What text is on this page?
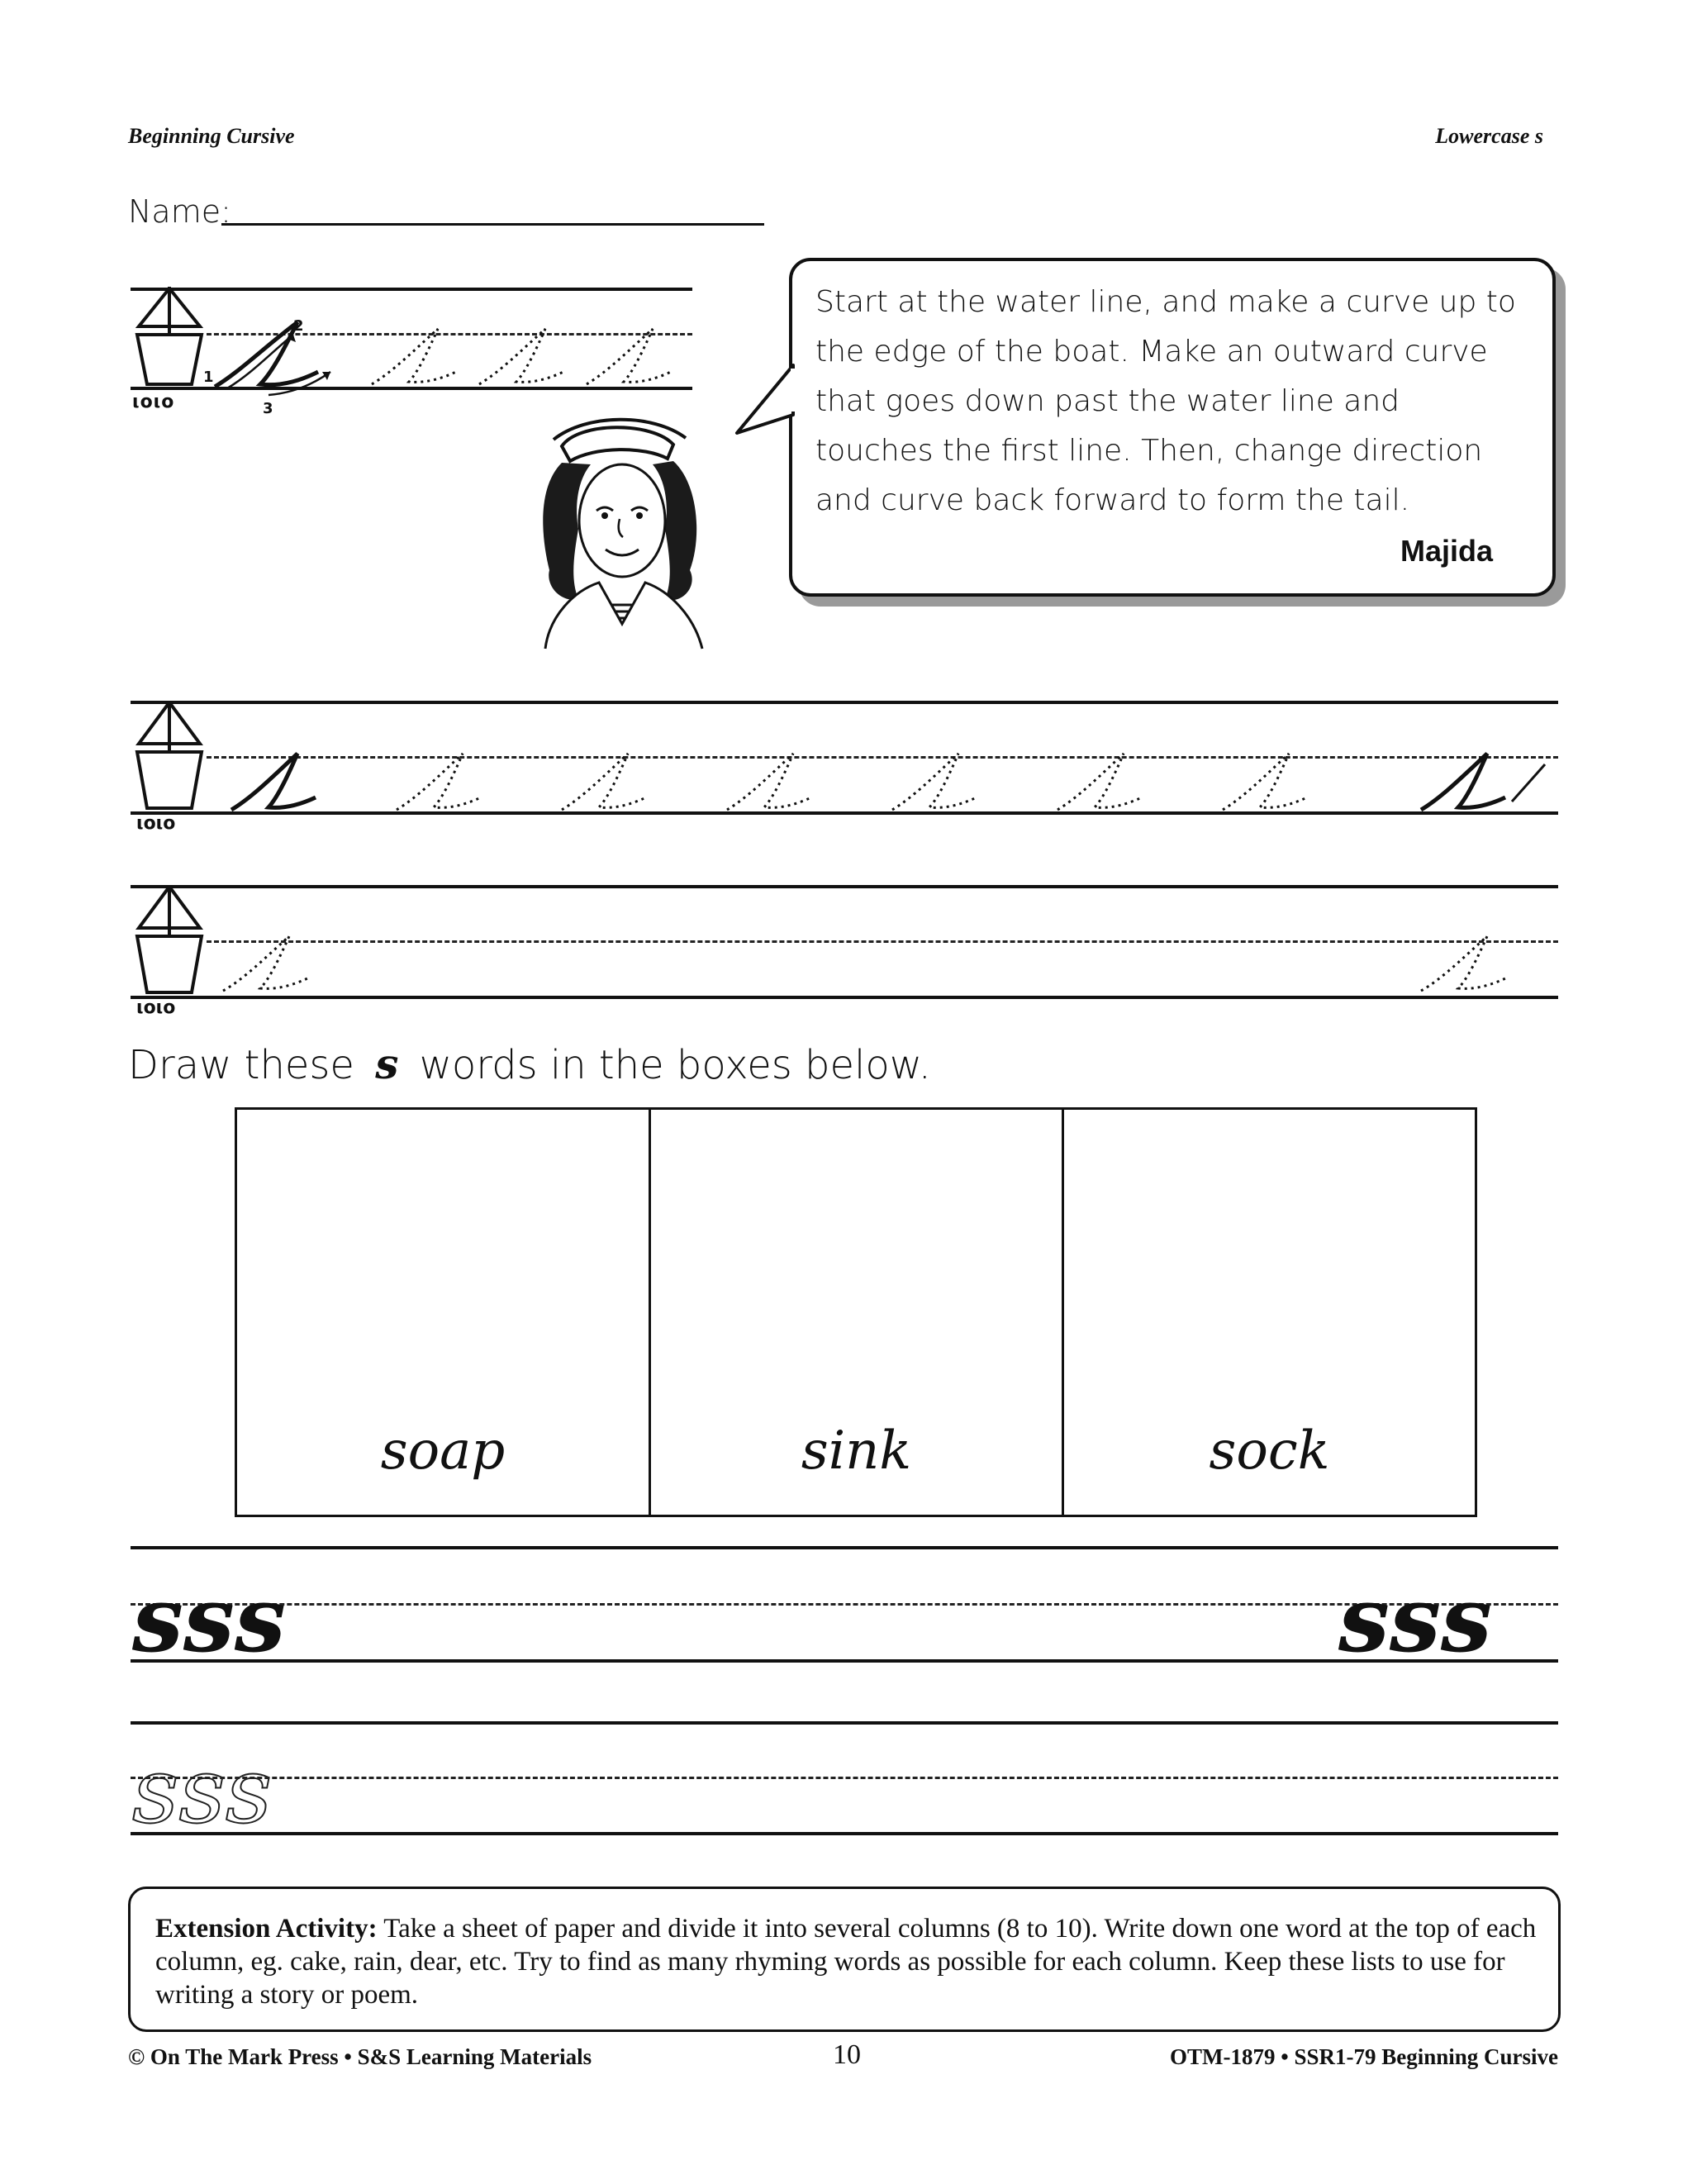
Beginning Cursive	Lowercase s
Name:
ιοιο
1
2
3
Start at the water line, and make a curve up to the edge of the boat. Make an outward curve that goes down past the water line and touches the first line. Then, change direction and curve back forward to form the tail.
Majida
ιοιο
ιοιο
Draw these s words in the boxes below.
soap	sink	sock
sss	sss
sss
Extension Activity: Take a sheet of paper and divide it into several columns (8 to 10). Write down one word at the top of each column, eg. cake, rain, dear, etc. Try to find as many rhyming words as possible for each column. Keep these lists to use for writing a story or poem.
© On The Mark Press • S&S Learning Materials	10	OTM-1879 • SSR1-79 Beginning Cursive
